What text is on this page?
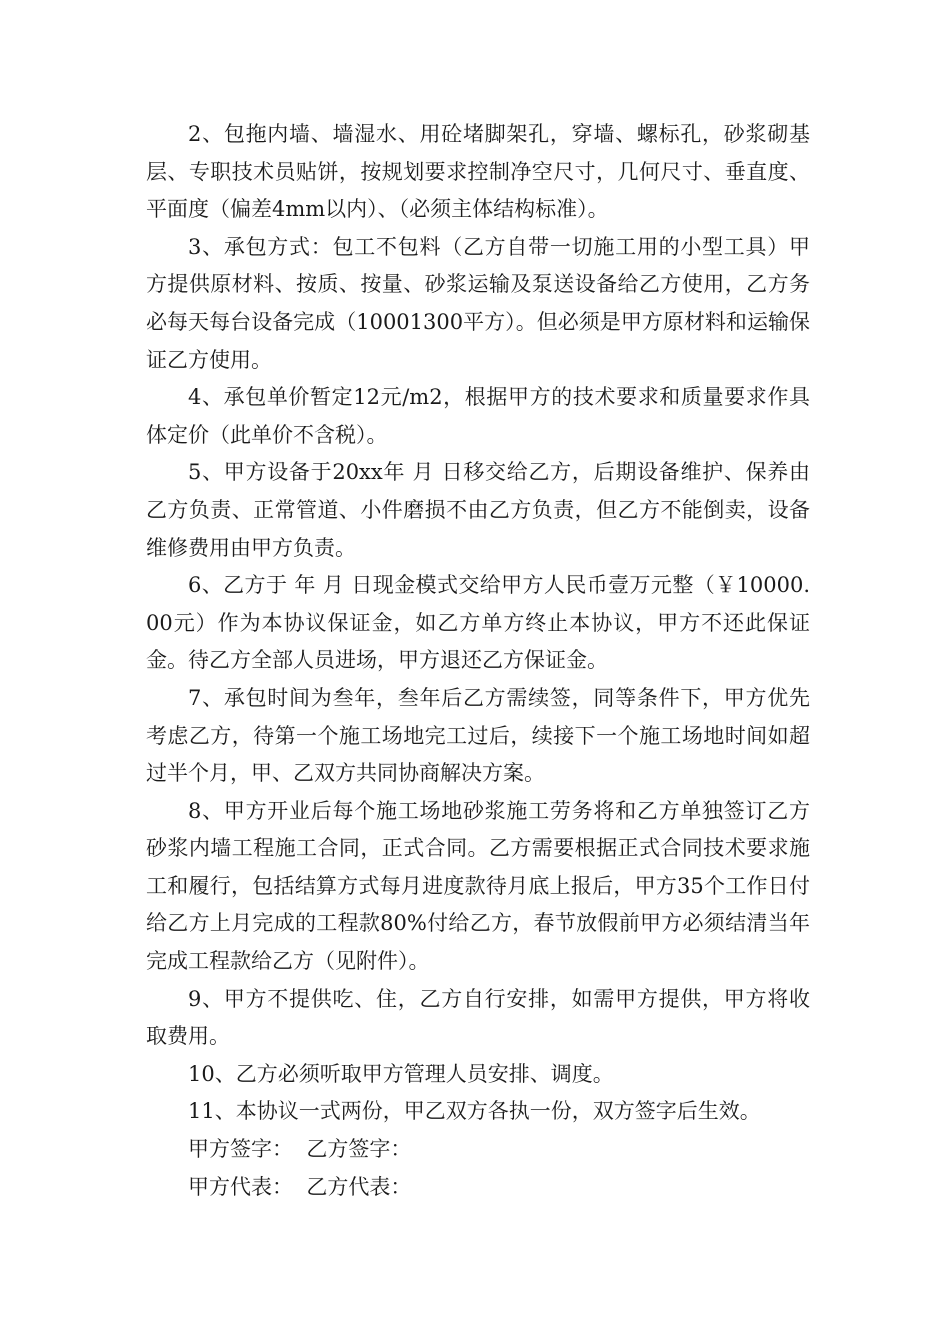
2、包拖内墙、墙湿水、用砼堵脚架孔，穿墙、螺标孔，砂浆砌基层、专职技术员贴饼，按规划要求控制净空尺寸，几何尺寸、垂直度、平面度（偏差4mm以内）、（必须主体结构标准）。

3、承包方式：包工不包料（乙方自带一切施工用的小型工具）甲方提供原材料、按质、按量、砂浆运输及泵送设备给乙方使用，乙方务必每天每台设备完成（10001300平方）。但必须是甲方原材料和运输保证乙方使用。

4、承包单价暂定12元/m2，根据甲方的技术要求和质量要求作具体定价（此单价不含税）。

5、甲方设备于20xx年 月 日移交给乙方，后期设备维护、保养由乙方负责、正常管道、小件磨损不由乙方负责，但乙方不能倒卖，设备维修费用由甲方负责。

6、乙方于 年 月 日现金模式交给甲方人民币壹万元整（￥10000.00元）作为本协议保证金，如乙方单方终止本协议，甲方不还此保证金。待乙方全部人员进场，甲方退还乙方保证金。

7、承包时间为叁年，叁年后乙方需续签，同等条件下，甲方优先考虑乙方，待第一个施工场地完工过后，续接下一个施工场地时间如超过半个月，甲、乙双方共同协商解决方案。

8、甲方开业后每个施工场地砂浆施工劳务将和乙方单独签订乙方砂浆内墙工程施工合同，正式合同。乙方需要根据正式合同技术要求施工和履行，包括结算方式每月进度款待月底上报后，甲方35个工作日付给乙方上月完成的工程款80%付给乙方，春节放假前甲方必须结清当年完成工程款给乙方（见附件）。

9、甲方不提供吃、住，乙方自行安排，如需甲方提供，甲方将收取费用。

10、乙方必须听取甲方管理人员安排、调度。

11、本协议一式两份，甲乙双方各执一份，双方签字后生效。

甲方签字：  乙方签字：

甲方代表：  乙方代表：
